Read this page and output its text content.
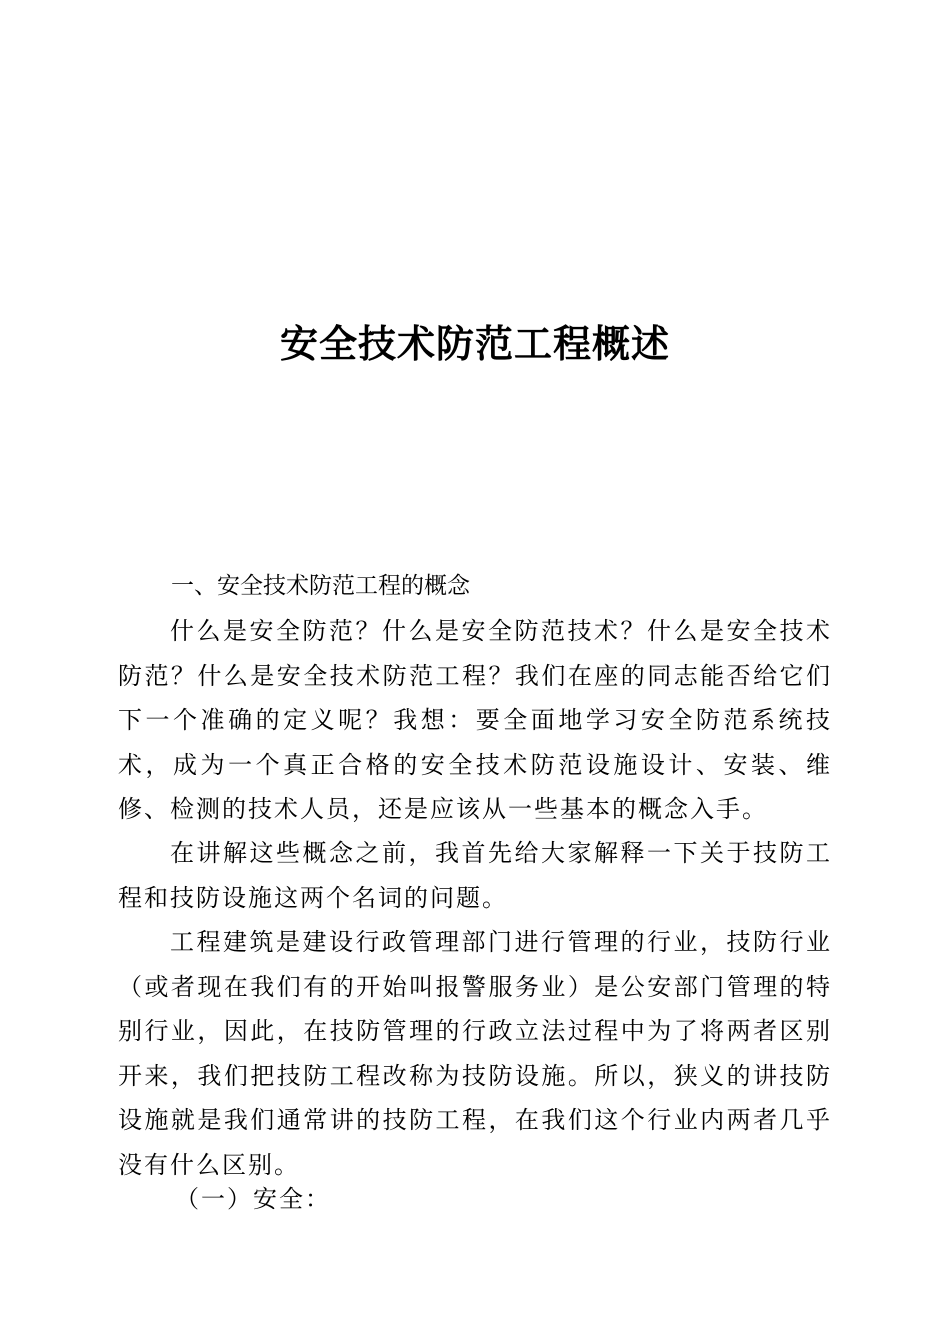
安全技术防范工程概述
一、安全技术防范工程的概念

什么是安全防范？什么是安全防范技术？什么是安全技术防范？什么是安全技术防范工程？我们在座的同志能否给它们下一个准确的定义呢？我想：要全面地学习安全防范系统技术，成为一个真正合格的安全技术防范设施设计、安装、维修、检测的技术人员，还是应该从一些基本的概念入手。

在讲解这些概念之前，我首先给大家解释一下关于技防工程和技防设施这两个名词的问题。

工程建筑是建设行政管理部门进行管理的行业，技防行业（或者现在我们有的开始叫报警服务业）是公安部门管理的特别行业，因此，在技防管理的行政立法过程中为了将两者区别开来，我们把技防工程改称为技防设施。所以，狭义的讲技防设施就是我们通常讲的技防工程，在我们这个行业内两者几乎没有什么区别。

（一）安全：
